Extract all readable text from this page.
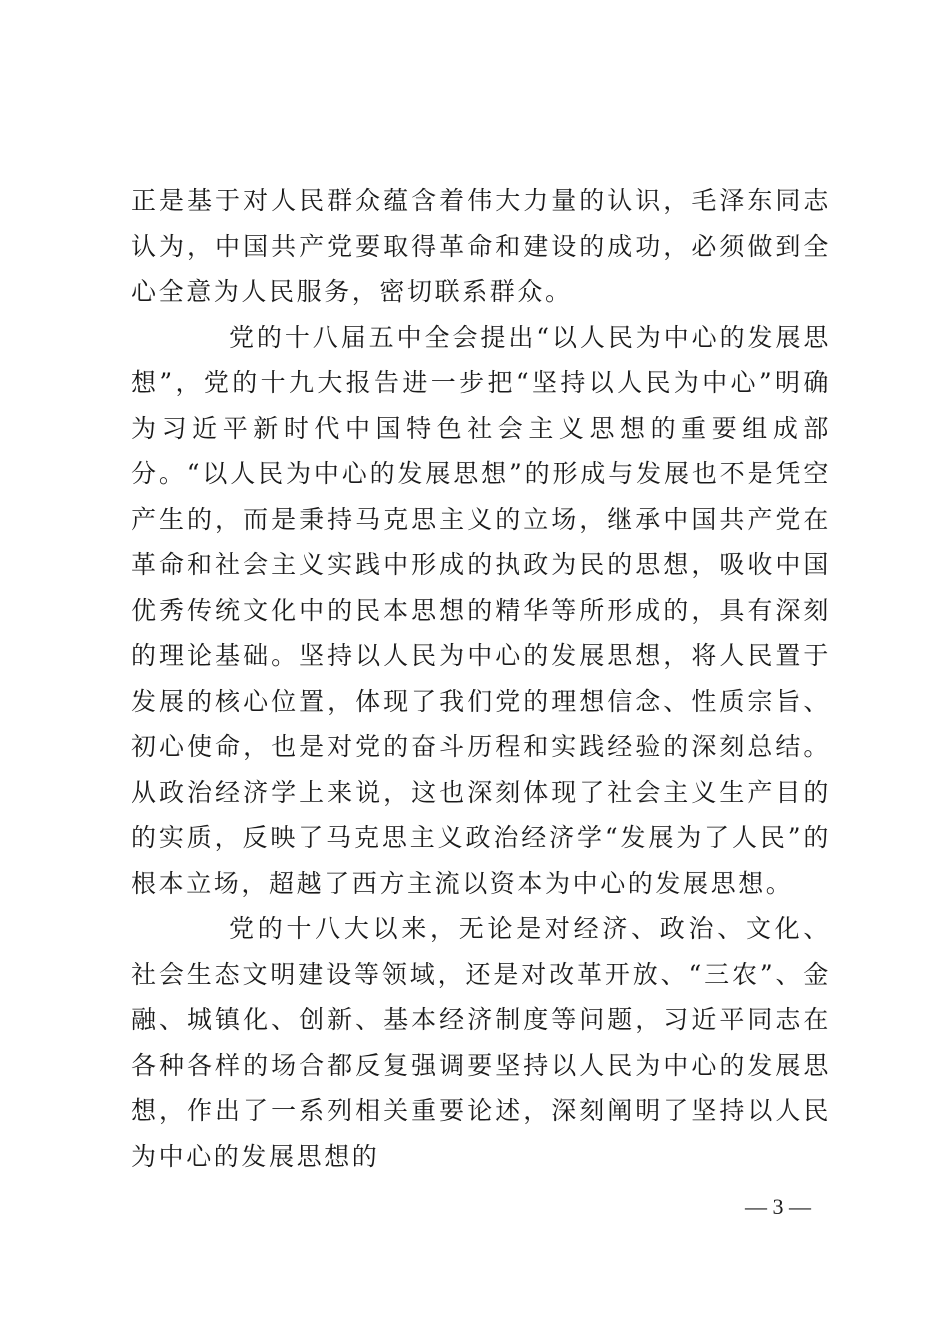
正是基于对人民群众蕴含着伟大力量的认识，毛泽东同志认为，中国共产党要取得革命和建设的成功，必须做到全心全意为人民服务，密切联系群众。

党的十八届五中全会提出“以人民为中心的发展思想”，党的十九大报告进一步把“坚持以人民为中心”明确为习近平新时代中国特色社会主义思想的重要组成部分。“以人民为中心的发展思想”的形成与发展也不是凭空产生的，而是秉持马克思主义的立场，继承中国共产党在革命和社会主义实践中形成的执政为民的思想，吸收中国优秀传统文化中的民本思想的精华等所形成的，具有深刻的理论基础。坚持以人民为中心的发展思想，将人民置于发展的核心位置，体现了我们党的理想信念、性质宗旨、初心使命，也是对党的奋斗历程和实践经验的深刻总结。从政治经济学上来说，这也深刻体现了社会主义生产目的的实质，反映了马克思主义政治经济学“发展为了人民”的根本立场，超越了西方主流以资本为中心的发展思想。

党的十八大以来，无论是对经济、政治、文化、社会生态文明建设等领域，还是对改革开放、“三农”、金融、城镇化、创新、基本经济制度等问题，习近平同志在各种各样的场合都反复强调要坚持以人民为中心的发展思想，作出了一系列相关重要论述，深刻阐明了坚持以人民为中心的发展思想的

— 3 —
